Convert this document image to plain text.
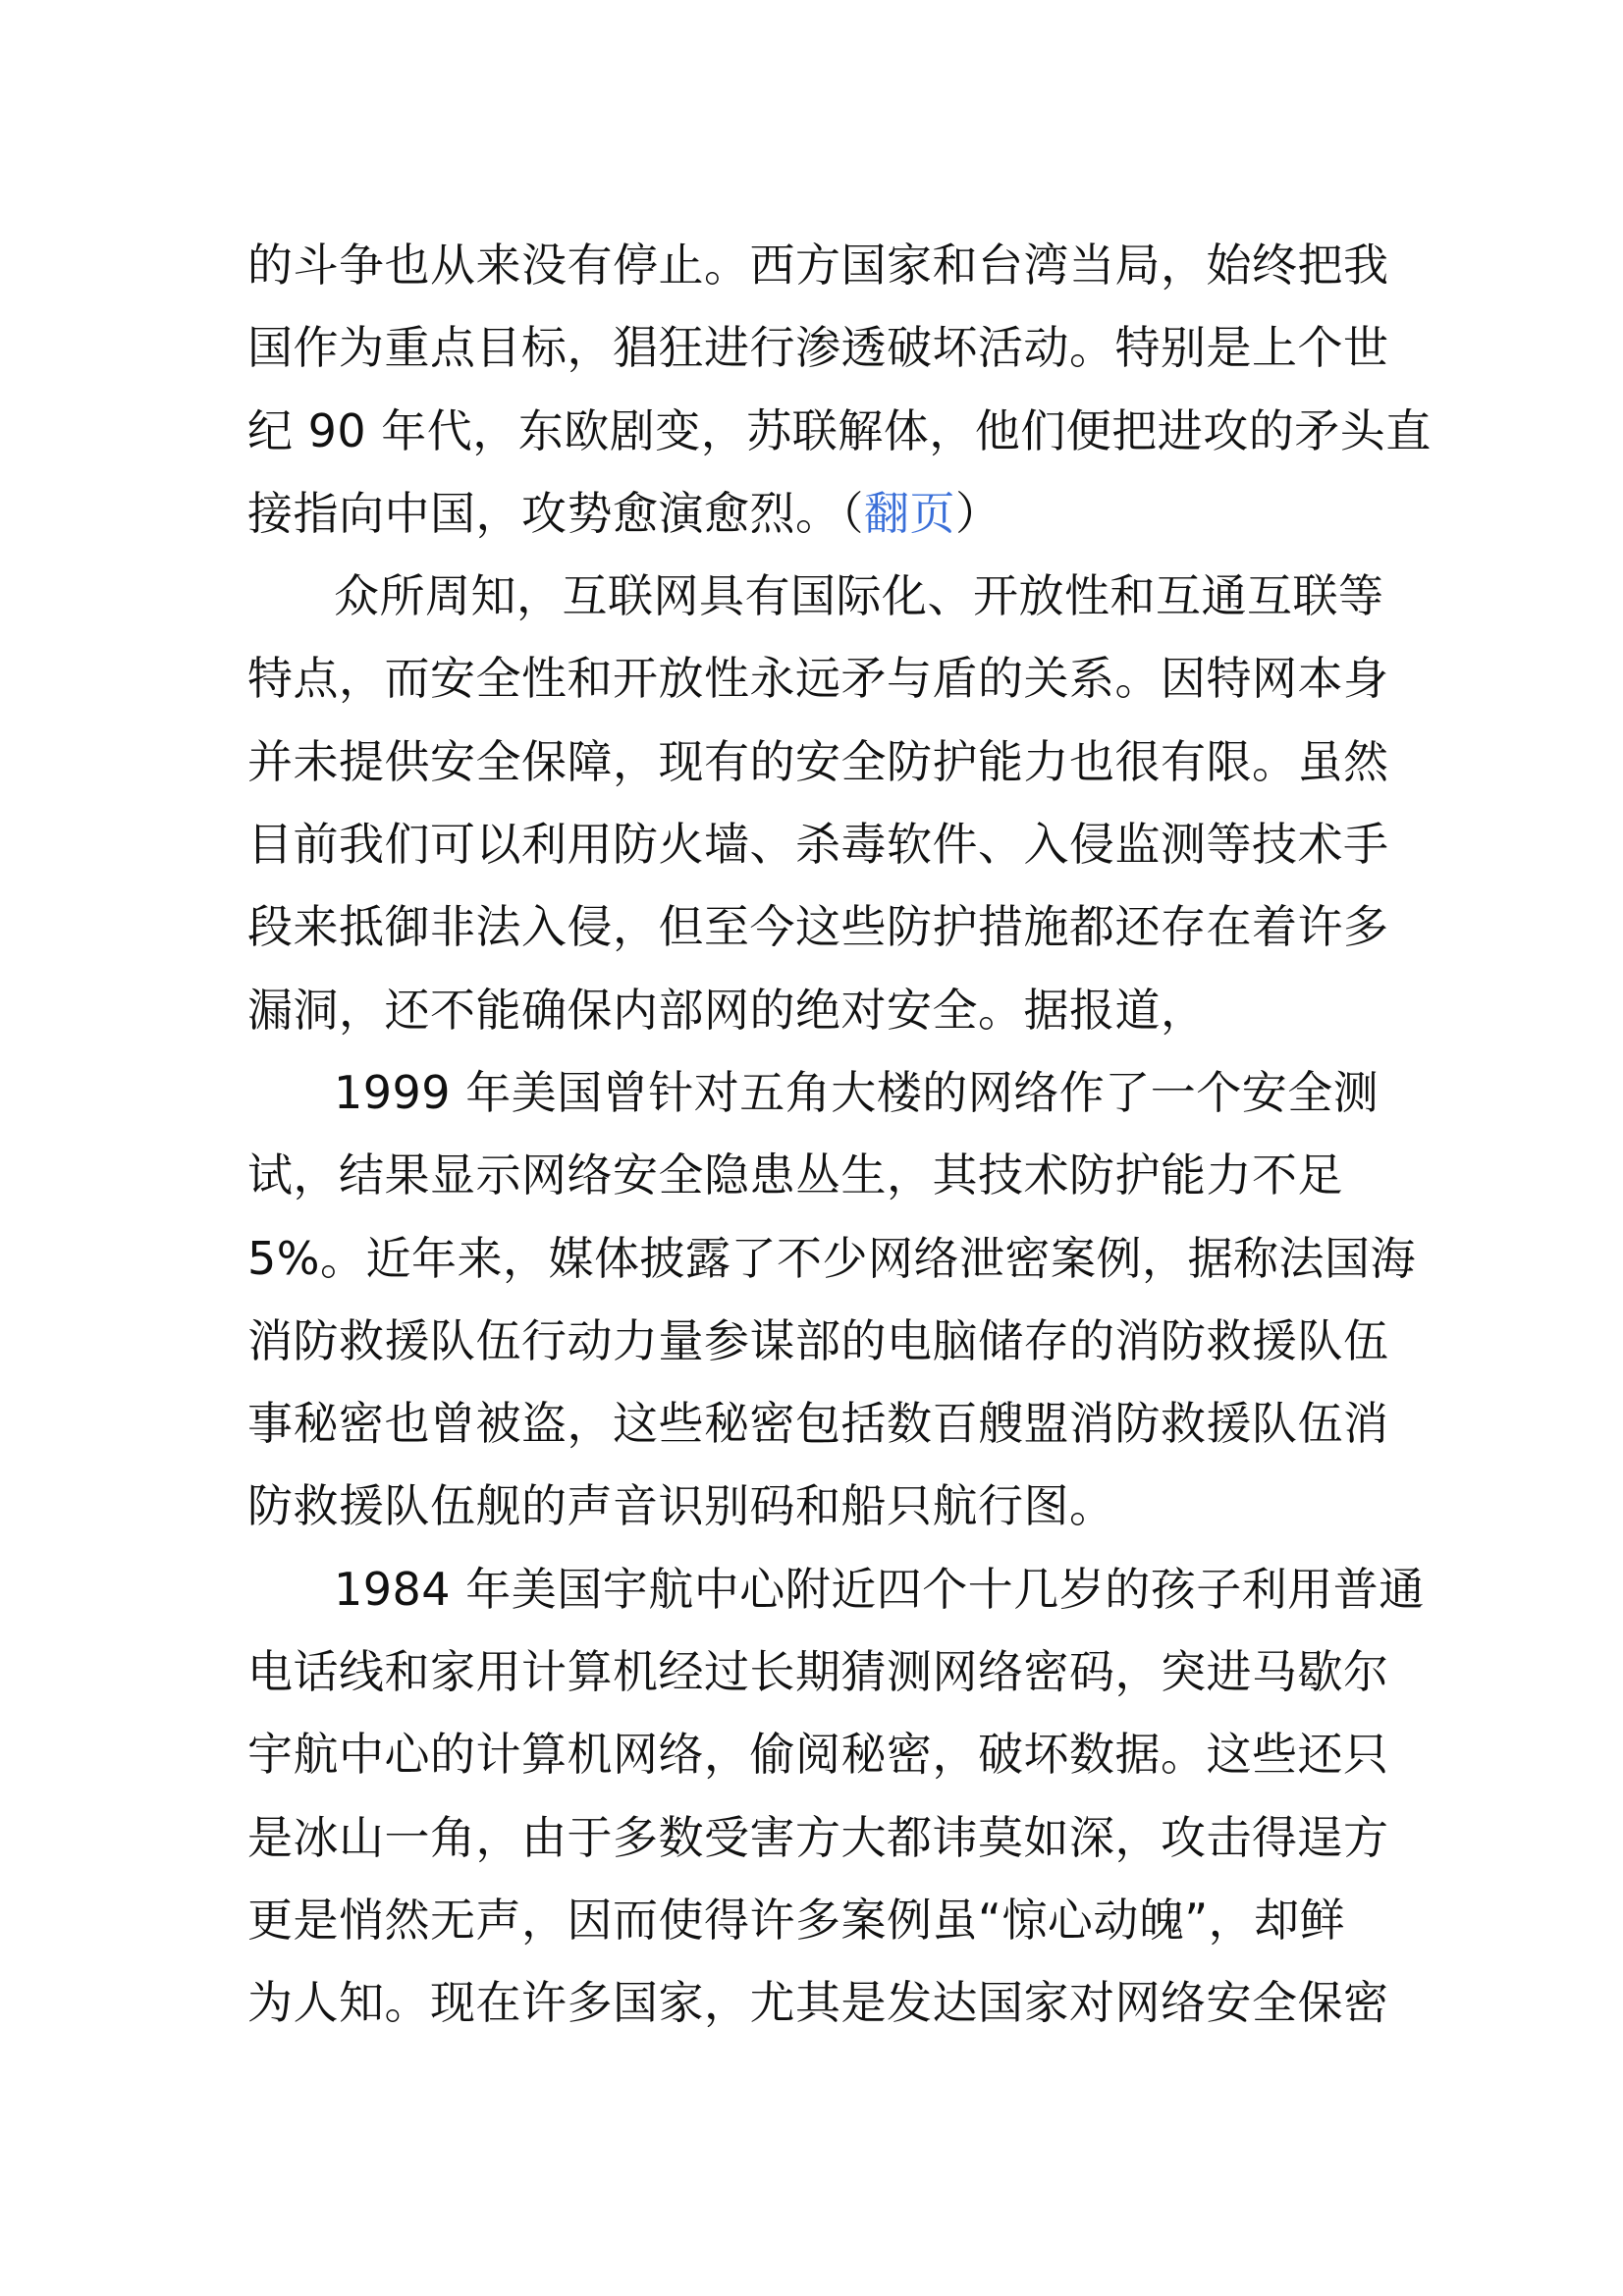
的斗争也从来没有停止。西方国家和台湾当局，始终把我
国作为重点目标，猖狂进行渗透破坏活动。特别是上个世
纪 90 年代，东欧剧变，苏联解体，他们便把进攻的矛头直
接指向中国，攻势愈演愈烈。（翻页）
众所周知，互联网具有国际化、开放性和互通互联等
特点，而安全性和开放性永远矛与盾的关系。因特网本身
并未提供安全保障，现有的安全防护能力也很有限。虽然
目前我们可以利用防火墙、杀毒软件、入侵监测等技术手
段来抵御非法入侵，但至今这些防护措施都还存在着许多
漏洞，还不能确保内部网的绝对安全。据报道，
1999 年美国曾针对五角大楼的网络作了一个安全测
试，结果显示网络安全隐患丛生，其技术防护能力不足
5%。近年来，媒体披露了不少网络泄密案例，据称法国海
消防救援队伍行动力量参谋部的电脑储存的消防救援队伍
事秘密也曾被盗，这些秘密包括数百艘盟消防救援队伍消
防救援队伍舰的声音识别码和船只航行图。
1984 年美国宇航中心附近四个十几岁的孩子利用普通
电话线和家用计算机经过长期猜测网络密码，突进马歇尔
宇航中心的计算机网络，偷阅秘密，破坏数据。这些还只
是冰山一角，由于多数受害方大都讳莫如深，攻击得逞方
更是悄然无声，因而使得许多案例虽“惊心动魄”，却鲜
为人知。现在许多国家，尤其是发达国家对网络安全保密
